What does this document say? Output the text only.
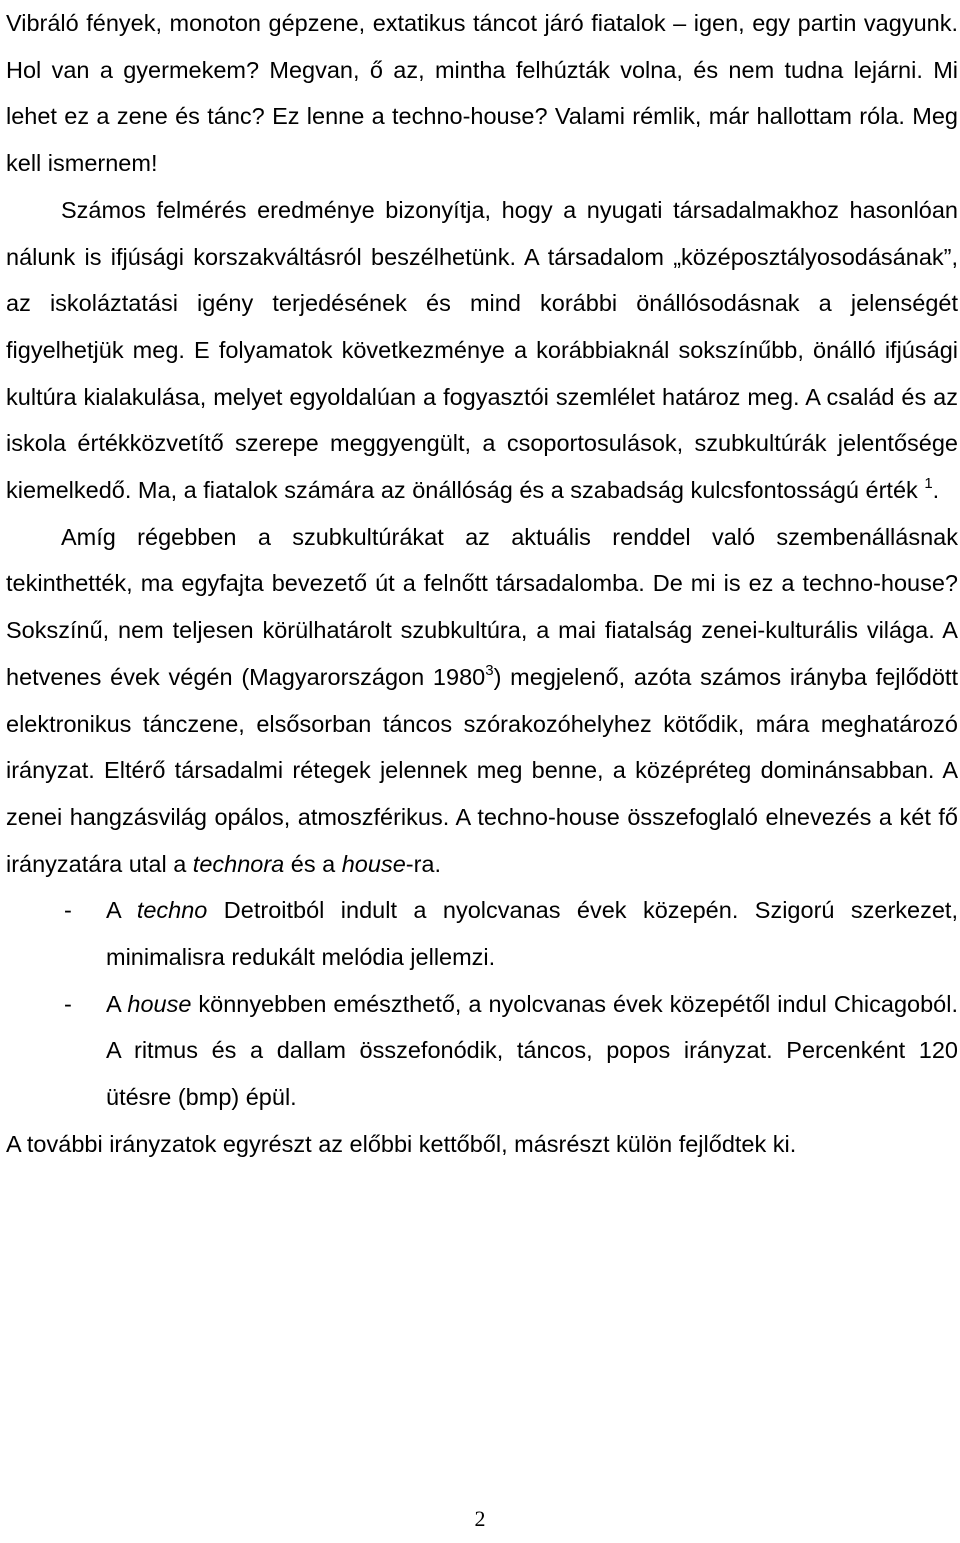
Vibráló fények, monoton gépzene, extatikus táncot járó fiatalok – igen, egy partin vagyunk. Hol van a gyermekem? Megvan, ő az, mintha felhúzták volna, és nem tudna lejárni. Mi lehet ez a zene és tánc? Ez lenne a techno-house? Valami rémlik, már hallottam róla. Meg kell ismernem!

Számos felmérés eredménye bizonyítja, hogy a nyugati társadalmakhoz hasonlóan nálunk is ifjúsági korszakváltásról beszélhetünk. A társadalom „középosztályosodásának”, az iskoláztatási igény terjedésének és mind korábbi önállósodásnak a jelenségét figyelhetjük meg. E folyamatok következménye a korábbiaknál sokszínűbb, önálló ifjúsági kultúra kialakulása, melyet egyoldalúan a fogyasztói szemlélet határoz meg. A család és az iskola értékközvetítő szerepe meggyengült, a csoportosulások, szubkultúrák jelentősége kiemelkedő. Ma, a fiatalok számára az önállóság és a szabadság kulcsfontosságú érték $^1$.

Amíg régebben a szubkultúrákat az aktuális renddel való szembenállásnak tekinthették, ma egyfajta bevezető út a felnőtt társadalomba. De mi is ez a techno-house? Sokszínű, nem teljesen körülhatárolt szubkultúra, a mai fiatalság zenei-kulturális világa. A hetvenes évek végén (Magyarországon 1980$^3$) megjelenő, azóta számos irányba fejlődött elektronikus tánczene, elsősorban táncos szórakozóhelyhez kötődik, mára meghatározó irányzat. Eltérő társadalmi rétegek jelennek meg benne, a középréteg dominánsabban. A zenei hangzásvilág opálos, atmoszférikus. A techno-house összefoglaló elnevezés a két fő irányzatára utal a technora és a house-ra.

- A techno Detroitból indult a nyolcvanas évek közepén. Szigorú szerkezet, minimalisra redukált melódia jellemzi.
- A house könnyebben emészthető, a nyolcvanas évek közepétől indul Chicagoból. A ritmus és a dallam összefonódik, táncos, popos irányzat. Percenként 120 ütésre (bmp) épül.

A további irányzatok egyrészt az előbbi kettőből, másrészt külön fejlődtek ki.

2
